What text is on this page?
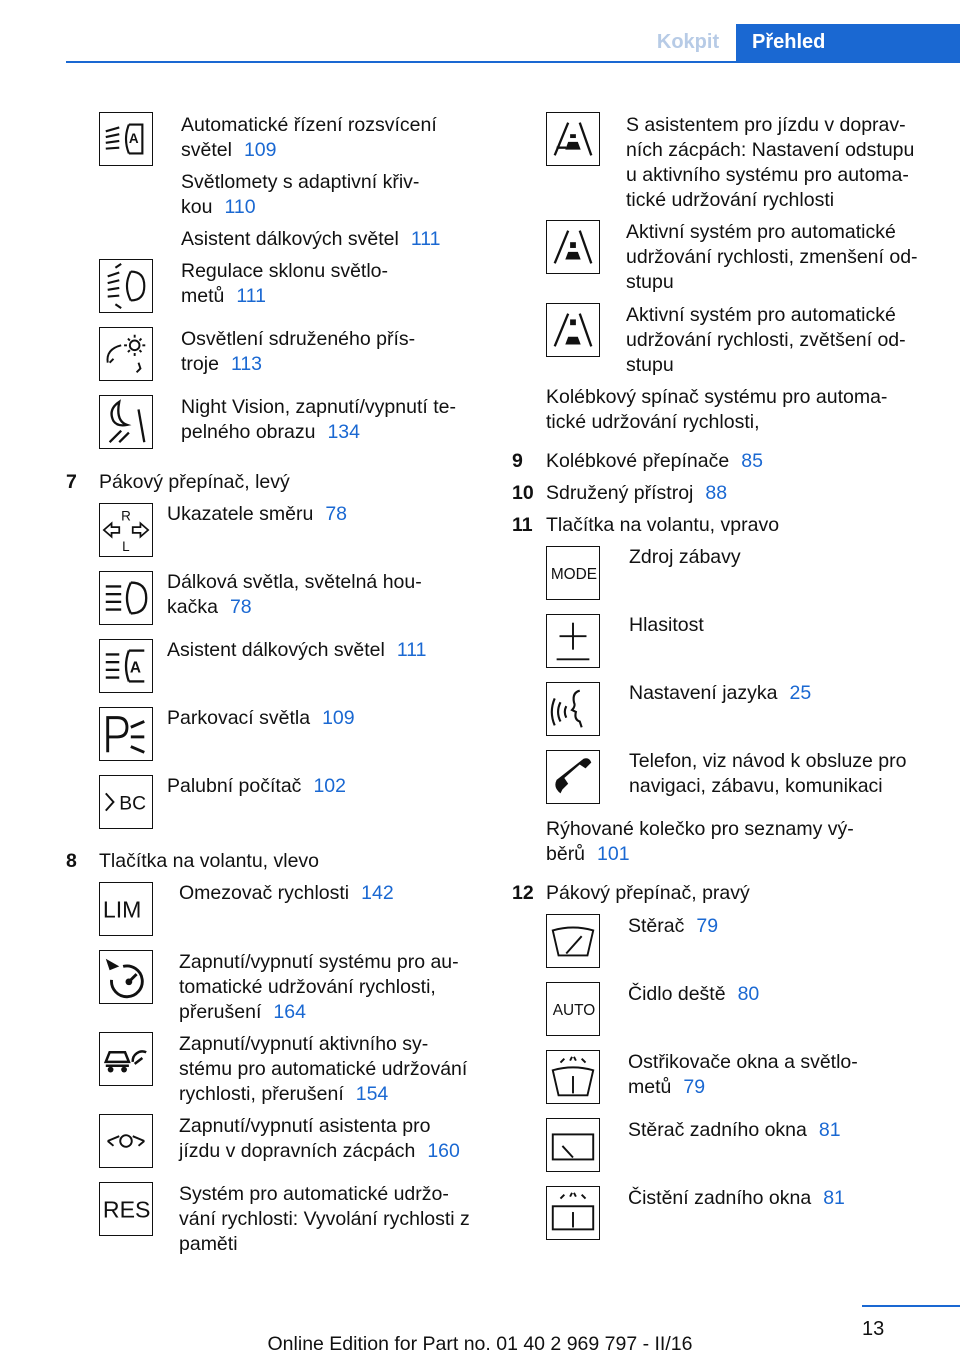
Kokpit	Přehled
A
Automatické řízení rozsvícení
světel 109
Světlomety s adaptivní křiv-
kou 110
Asistent dálkových světel 111
Regulace sklonu světlo-
metů 111
Osvětlení sdruženého přís-
troje 113
Night Vision, zapnutí/vypnutí te-
pelného obrazu 134
7 Pákový přepínač, levý
R
L
Ukazatele směru 78
Dálková světla, světelná hou-
kačka 78
A
Asistent dálkových světel 111
Parkovací světla 109
BC
Palubní počítač 102
8 Tlačítka na volantu, vlevo
LIM
Omezovač rychlosti 142
Zapnutí/vypnutí systému pro au-
tomatické udržování rychlosti,
přerušení 164
Zapnutí/vypnutí aktivního sy-
stému pro automatické udržování
rychlosti, přerušení 154
Zapnutí/vypnutí asistenta pro
jízdu v dopravních zácpách 160
RES
Systém pro automatické udržo-
vání rychlosti: Vyvolání rychlosti z
paměti
S asistentem pro jízdu v doprav-
ních zácpách: Nastavení odstupu
u aktivního systému pro automa-
tické udržování rychlosti
Aktivní systém pro automatické
udržování rychlosti, zmenšení od-
stupu
Aktivní systém pro automatické
udržování rychlosti, zvětšení od-
stupu
Kolébkový spínač systému pro automa-
tické udržování rychlosti,
9 Kolébkové přepínače 85
10 Sdružený přístroj 88
11 Tlačítka na volantu, vpravo
MODE
Zdroj zábavy
Hlasitost
Nastavení jazyka 25
Telefon, viz návod k obsluze pro
navigaci, zábavu, komunikaci
Rýhované kolečko pro seznamy vý-
běrů 101
12 Pákový přepínač, pravý
Stěrač 79
AUTO
Čidlo deště 80
Ostřikovače okna a světlo-
metů 79
Stěrač zadního okna 81
Čistění zadního okna 81
13
Online Edition for Part no. 01 40 2 969 797 - II/16
